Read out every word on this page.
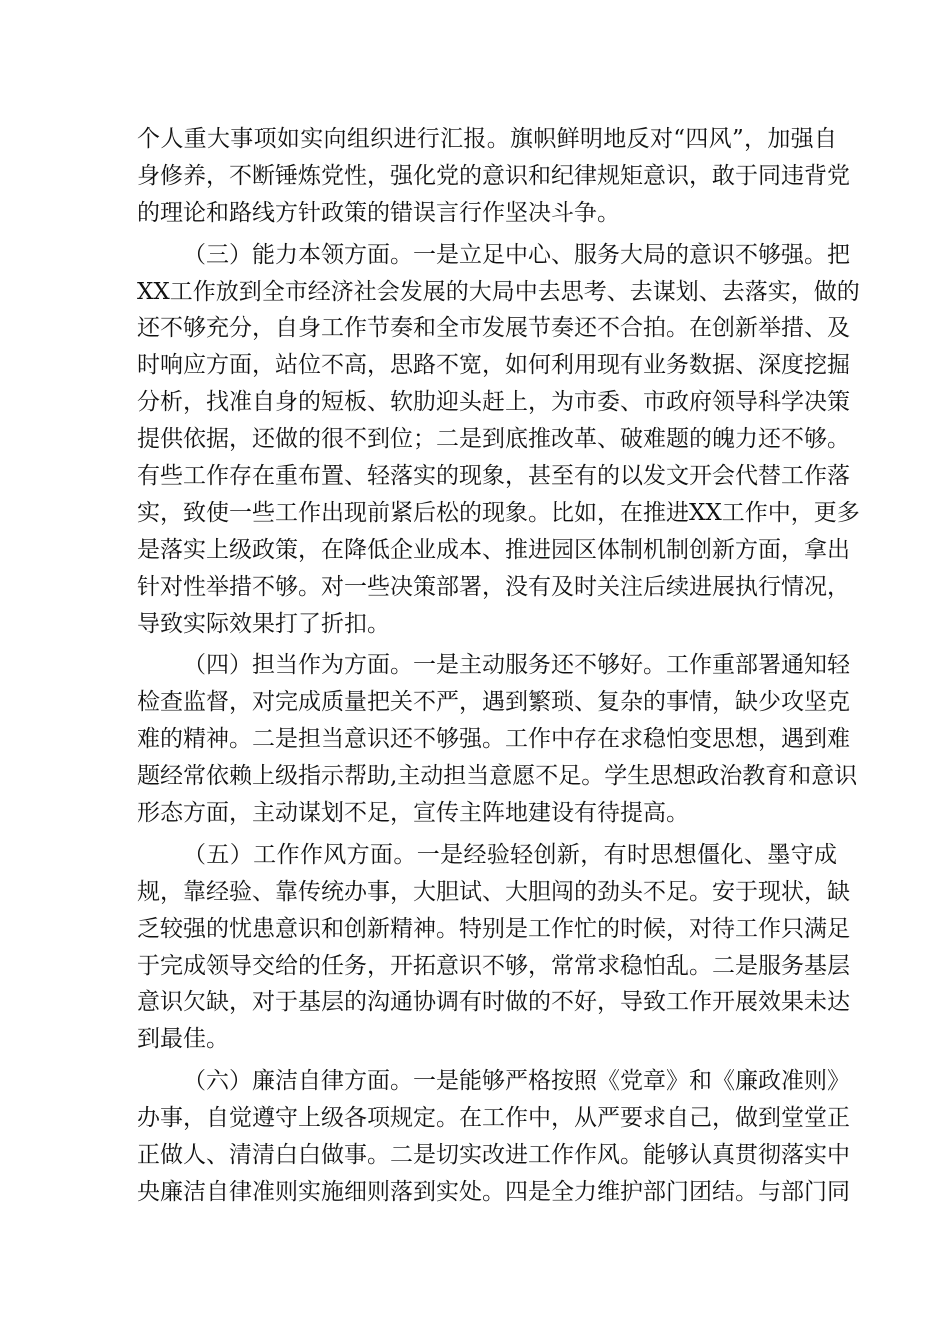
个人重大事项如实向组织进行汇报。旗帜鲜明地反对“四风”，加强自
身修养，不断锤炼党性，强化党的意识和纪律规矩意识，敢于同违背党
的理论和路线方针政策的错误言行作坚决斗争。
（三）能力本领方面。一是立足中心、服务大局的意识不够强。把
XX工作放到全市经济社会发展的大局中去思考、去谋划、去落实，做的
还不够充分，自身工作节奏和全市发展节奏还不合拍。在创新举措、及
时响应方面，站位不高，思路不宽，如何利用现有业务数据、深度挖掘
分析，找准自身的短板、软肋迎头赶上，为市委、市政府领导科学决策
提供依据，还做的很不到位；二是到底推改革、破难题的魄力还不够。
有些工作存在重布置、轻落实的现象，甚至有的以发文开会代替工作落
实，致使一些工作出现前紧后松的现象。比如，在推进XX工作中，更多
是落实上级政策，在降低企业成本、推进园区体制机制创新方面，拿出
针对性举措不够。对一些决策部署，没有及时关注后续进展执行情况，
导致实际效果打了折扣。
（四）担当作为方面。一是主动服务还不够好。工作重部署通知轻
检查监督，对完成质量把关不严，遇到繁琐、复杂的事情，缺少攻坚克
难的精神。二是担当意识还不够强。工作中存在求稳怕变思想，遇到难
题经常依赖上级指示帮助,主动担当意愿不足。学生思想政治教育和意识
形态方面，主动谋划不足，宣传主阵地建设有待提高。
（五）工作作风方面。一是经验轻创新，有时思想僵化、墨守成
规，靠经验、靠传统办事，大胆试、大胆闯的劲头不足。安于现状，缺
乏较强的忧患意识和创新精神。特别是工作忙的时候，对待工作只满足
于完成领导交给的任务，开拓意识不够，常常求稳怕乱。二是服务基层
意识欠缺，对于基层的沟通协调有时做的不好，导致工作开展效果未达
到最佳。
（六）廉洁自律方面。一是能够严格按照《党章》和《廉政准则》
办事，自觉遵守上级各项规定。在工作中，从严要求自己，做到堂堂正
正做人、清清白白做事。二是切实改进工作作风。能够认真贯彻落实中
央廉洁自律准则实施细则落到实处。四是全力维护部门团结。与部门同
